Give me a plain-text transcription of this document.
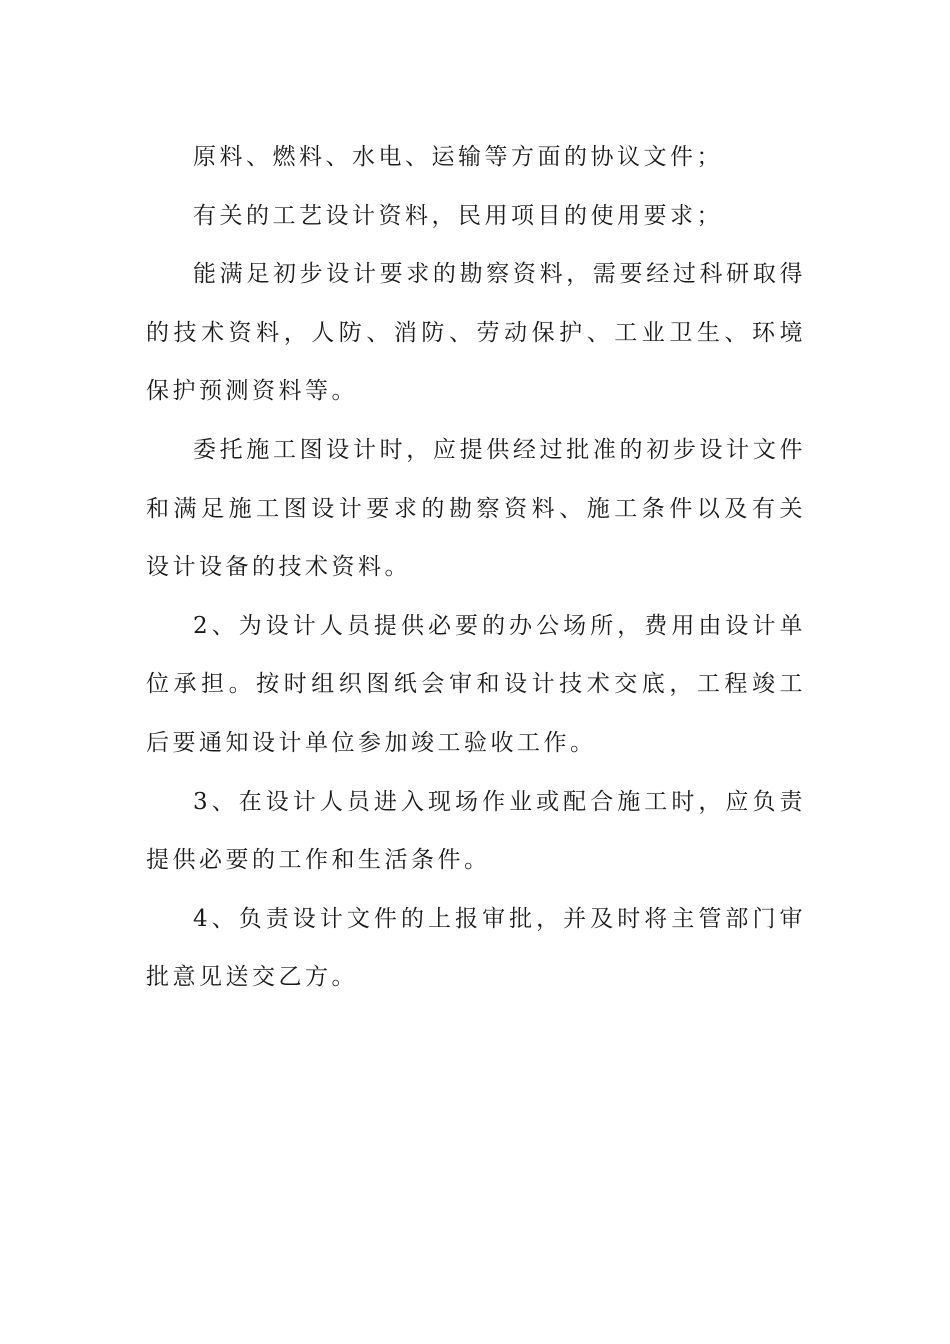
原料、燃料、水电、运输等方面的协议文件；

有关的工艺设计资料，民用项目的使用要求；

能满足初步设计要求的勘察资料，需要经过科研取得的技术资料，人防、消防、劳动保护、工业卫生、环境保护预测资料等。

委托施工图设计时，应提供经过批准的初步设计文件和满足施工图设计要求的勘察资料、施工条件以及有关设计设备的技术资料。

2、为设计人员提供必要的办公场所，费用由设计单位承担。按时组织图纸会审和设计技术交底，工程竣工后要通知设计单位参加竣工验收工作。

3、在设计人员进入现场作业或配合施工时，应负责提供必要的工作和生活条件。

4、负责设计文件的上报审批，并及时将主管部门审批意见送交乙方。
